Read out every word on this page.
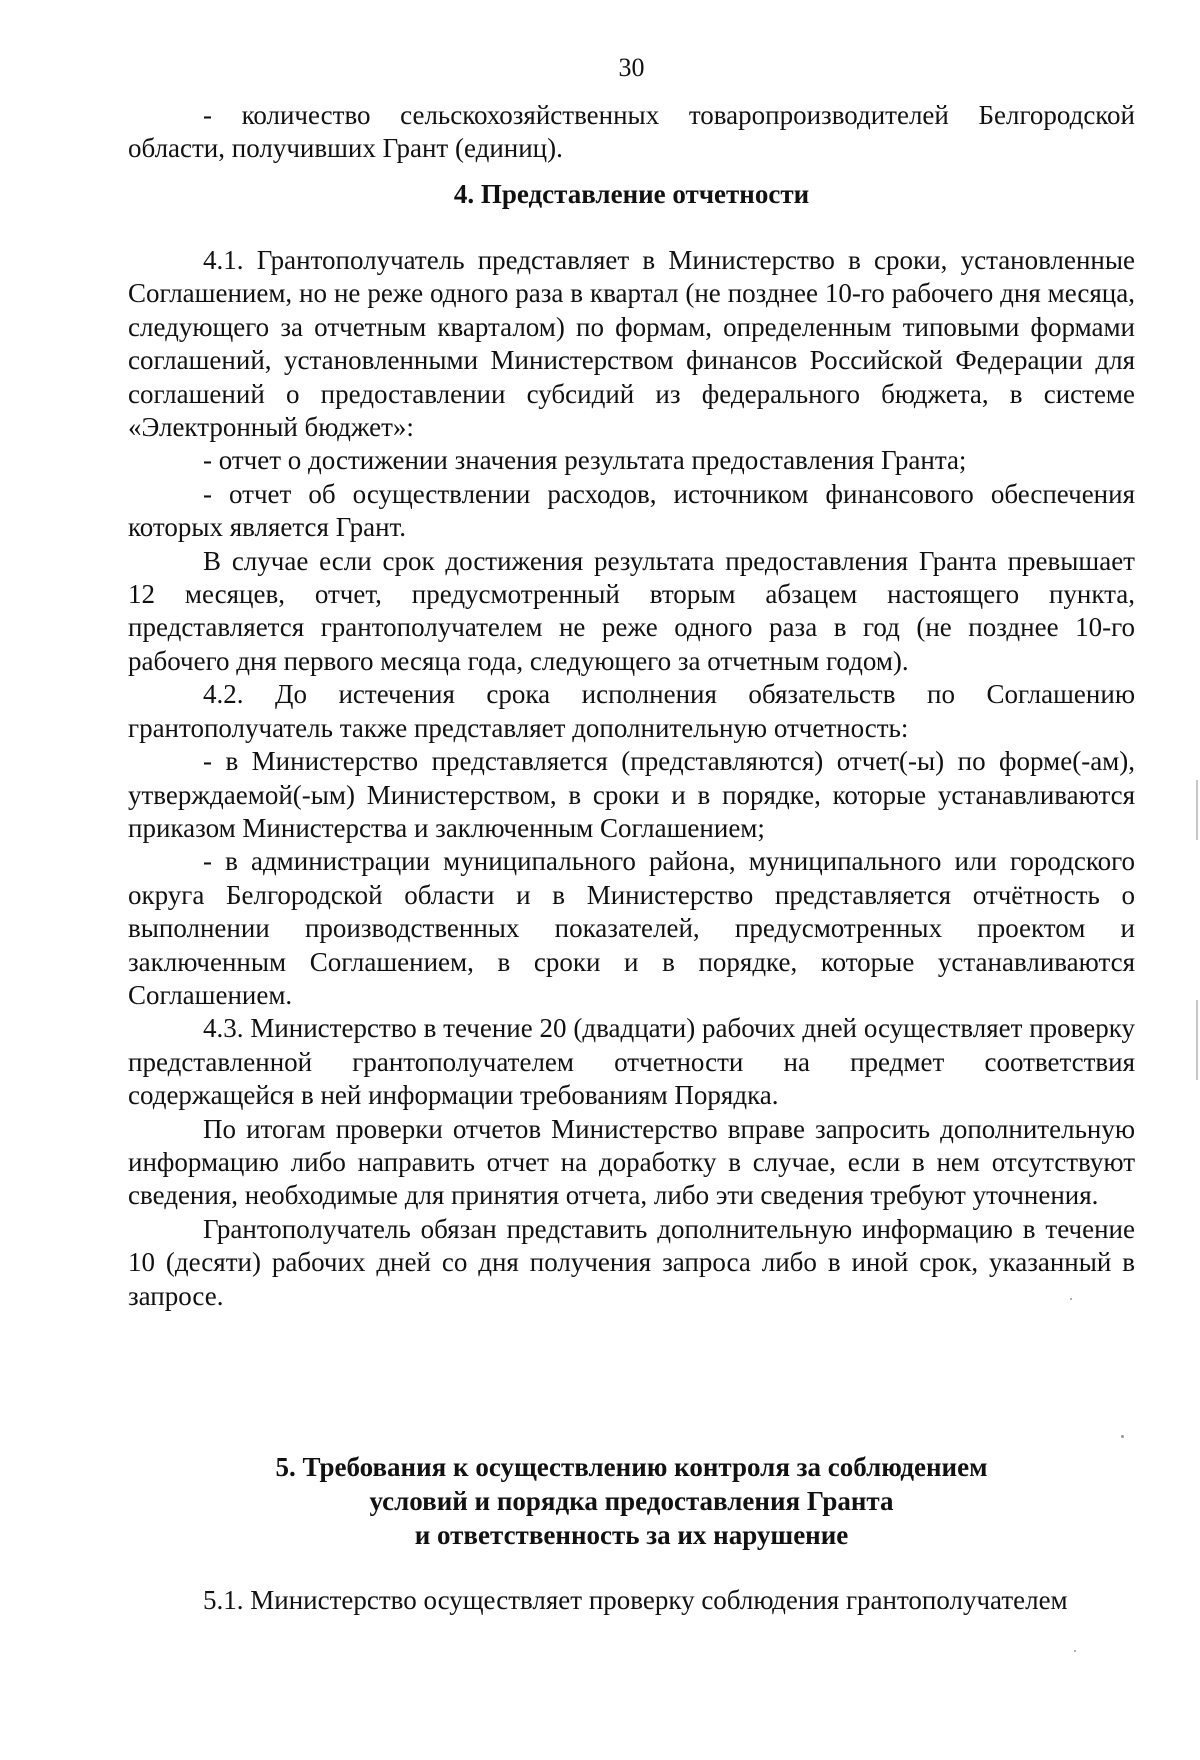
30

- количество сельскохозяйственных товаропроизводителей Белгородской области, получивших Грант (единиц).

4. Представление отчетности

4.1. Грантополучатель представляет в Министерство в сроки, установленные Соглашением, но не реже одного раза в квартал (не позднее 10-го рабочего дня месяца, следующего за отчетным кварталом) по формам, определенным типовыми формами соглашений, установленными Министерством финансов Российской Федерации для соглашений о предоставлении субсидий из федерального бюджета, в системе «Электронный бюджет»:

- отчет о достижении значения результата предоставления Гранта;

- отчет об осуществлении расходов, источником финансового обеспечения которых является Грант.

В случае если срок достижения результата предоставления Гранта превышает 12 месяцев, отчет, предусмотренный вторым абзацем настоящего пункта, представляется грантополучателем не реже одного раза в год (не позднее 10-го рабочего дня первого месяца года, следующего за отчетным годом).

4.2. До истечения срока исполнения обязательств по Соглашению грантополучатель также представляет дополнительную отчетность:

- в Министерство представляется (представляются) отчет(-ы) по форме(-ам), утверждаемой(-ым) Министерством, в сроки и в порядке, которые устанавливаются приказом Министерства и заключенным Соглашением;

- в администрации муниципального района, муниципального или городского округа Белгородской области и в Министерство представляется отчётность о выполнении производственных показателей, предусмотренных проектом и заключенным Соглашением, в сроки и в порядке, которые устанавливаются Соглашением.

4.3. Министерство в течение 20 (двадцати) рабочих дней осуществляет проверку представленной грантополучателем отчетности на предмет соответствия содержащейся в ней информации требованиям Порядка.

По итогам проверки отчетов Министерство вправе запросить дополнительную информацию либо направить отчет на доработку в случае, если в нем отсутствуют сведения, необходимые для принятия отчета, либо эти сведения требуют уточнения.

Грантополучатель обязан представить дополнительную информацию в течение 10 (десяти) рабочих дней со дня получения запроса либо в иной срок, указанный в запросе.

5. Требования к осуществлению контроля за соблюдением
условий и порядка предоставления Гранта
и ответственность за их нарушение

5.1. Министерство осуществляет проверку соблюдения грантополучателем
